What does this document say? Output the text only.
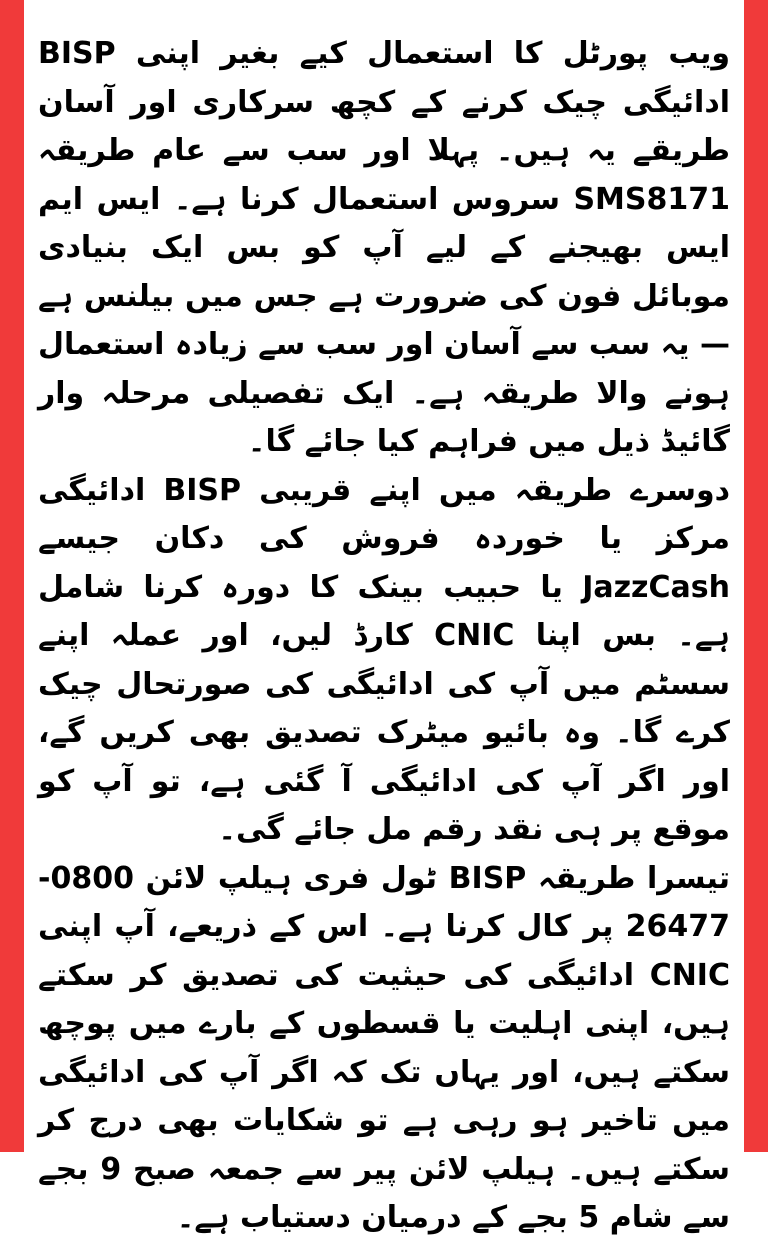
ویب پورٹل کا استعمال کیے بغیر اپنی BISP ادائیگی چیک کرنے کے کچھ سرکاری اور آسان طریقے یہ ہیں۔ پہلا اور سب سے عام طریقہ SMS8171 سروس استعمال کرنا ہے۔ ایس ایم ایس بھیجنے کے لیے آپ کو بس ایک بنیادی موبائل فون کی ضرورت ہے جس میں بیلنس ہے — یہ سب سے آسان اور سب سے زیادہ استعمال ہونے والا طریقہ ہے۔ ایک تفصیلی مرحلہ وار گائیڈ ذیل میں فراہم کیا جائے گا۔

دوسرے طریقہ میں اپنے قریبی BISP ادائیگی مرکز یا خوردہ فروش کی دکان جیسے JazzCash یا حبیب بینک کا دورہ کرنا شامل ہے۔ بس اپنا CNIC کارڈ لیں، اور عملہ اپنے سسٹم میں آپ کی ادائیگی کی صورتحال چیک کرے گا۔ وہ بائیو میٹرک تصدیق بھی کریں گے، اور اگر آپ کی ادائیگی آ گئی ہے، تو آپ کو موقع پر ہی نقد رقم مل جائے گی۔

تیسرا طریقہ BISP ٹول فری ہیلپ لائن 0800-26477 پر کال کرنا ہے۔ اس کے ذریعے، آپ اپنی CNIC ادائیگی کی حیثیت کی تصدیق کر سکتے ہیں، اپنی اہلیت یا قسطوں کے بارے میں پوچھ سکتے ہیں، اور یہاں تک کہ اگر آپ کی ادائیگی میں تاخیر ہو رہی ہے تو شکایات بھی درج کر سکتے ہیں۔ ہیلپ لائن پیر سے جمعہ صبح 9 بجے سے شام 5 بجے کے درمیان دستیاب ہے۔
